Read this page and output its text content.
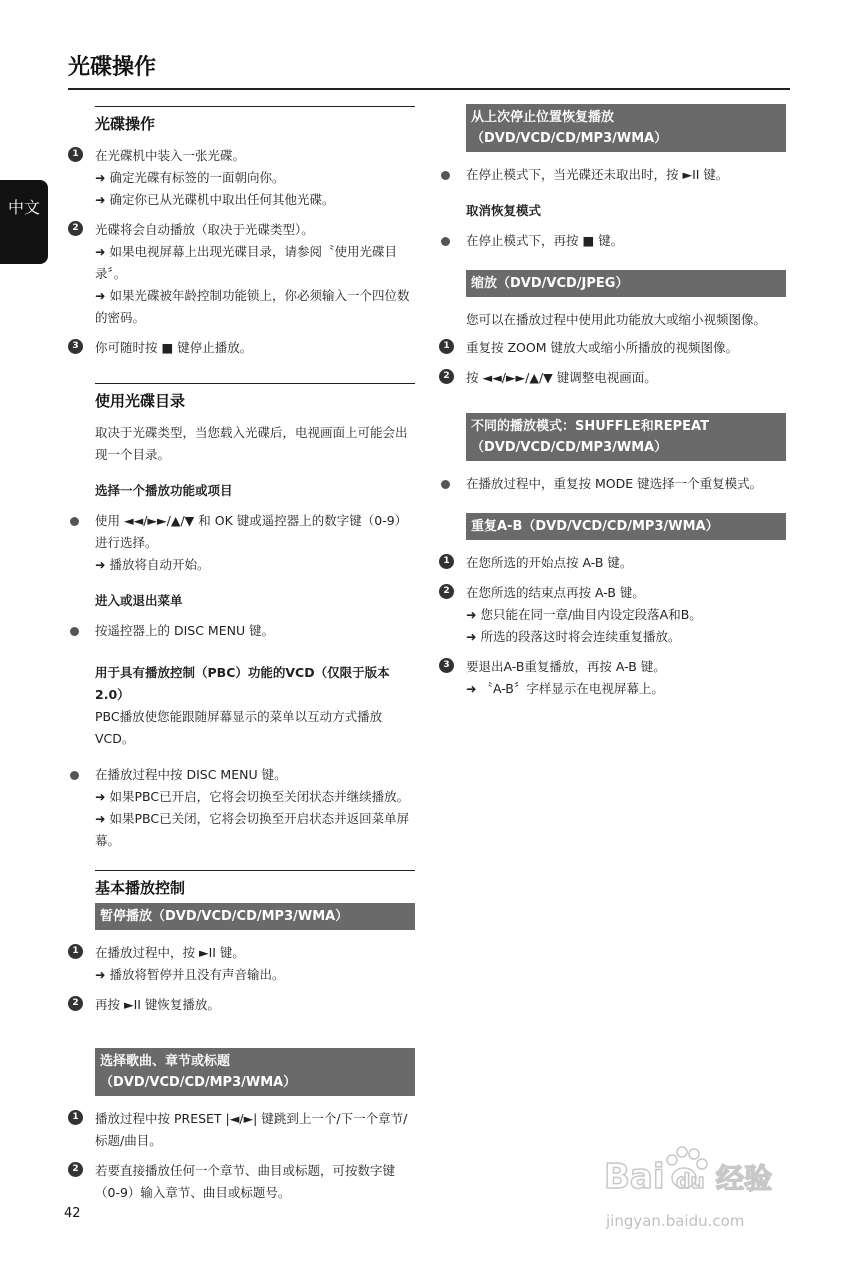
光碟操作
中文
光碟操作
1	在光碟机中装入一张光碟。
➜ 确定光碟有标签的一面朝向你。
➜ 确定你已从光碟机中取出任何其他光碟。
2	光碟将会自动播放（取决于光碟类型）。
➜ 如果电视屏幕上出现光碟目录，请参阅〝使用光碟目录〞。
➜ 如果光碟被年龄控制功能锁上，你必须输入一个四位数的密码。
3	你可随时按 ■ 键停止播放。
使用光碟目录
取决于光碟类型，当您载入光碟后，电视画面上可能会出现一个目录。
选择一个播放功能或项目
使用 ◄◄/►►/▲/▼ 和 OK 键或遥控器上的数字键（0-9）进行选择。
➜ 播放将自动开始。
进入或退出菜单
按遥控器上的 DISC MENU 键。
用于具有播放控制（PBC）功能的VCD（仅限于版本2.0）
PBC播放使您能跟随屏幕显示的菜单以互动方式播放VCD。
在播放过程中按 DISC MENU 键。
➜ 如果PBC已开启，它将会切换至关闭状态并继续播放。
➜ 如果PBC已关闭，它将会切换至开启状态并返回菜单屏幕。
基本播放控制
暂停播放（DVD/VCD/CD/MP3/WMA）
1	在播放过程中，按 ►II 键。
➜ 播放将暂停并且没有声音输出。
2	再按 ►II 键恢复播放。
选择歌曲、章节或标题（DVD/VCD/CD/MP3/WMA）
1	播放过程中按 PRESET |◄/►| 键跳到上一个/下一个章节/标题/曲目。
2	若要直接播放任何一个章节、曲目或标题，可按数字键（0-9）输入章节、曲目或标题号。
从上次停止位置恢复播放（DVD/VCD/CD/MP3/WMA）
在停止模式下，当光碟还未取出时，按 ►II 键。
取消恢复模式
在停止模式下，再按 ■ 键。
缩放（DVD/VCD/JPEG）
您可以在播放过程中使用此功能放大或缩小视频图像。
1	重复按 ZOOM 键放大或缩小所播放的视频图像。
2	按 ◄◄/►►/▲/▼ 键调整电视画面。
不同的播放模式：SHUFFLE和REPEAT（DVD/VCD/CD/MP3/WMA）
在播放过程中，重复按 MODE 键选择一个重复模式。
重复A-B（DVD/VCD/CD/MP3/WMA）
1	在您所选的开始点按 A-B 键。
2	在您所选的结束点再按 A-B 键。
➜ 您只能在同一章/曲目内设定段落A和B。
➜ 所选的段落这时将会连续重复播放。
3	要退出A-B重复播放，再按 A-B 键。
➜ 〝A-B〞字样显示在电视屏幕上。
42
Bai du 经验
jingyan.baidu.com
